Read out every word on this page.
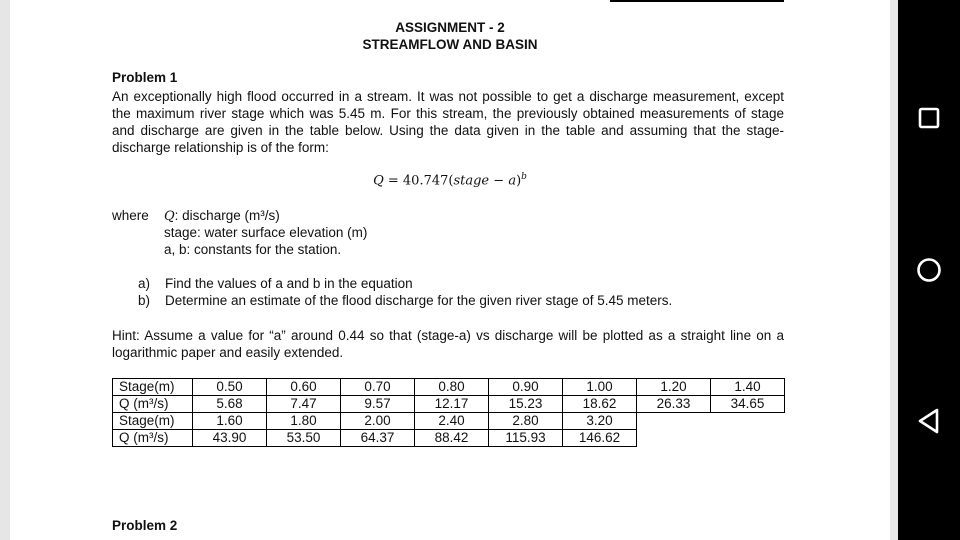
ASSIGNMENT - 2
STREAMFLOW AND BASIN
Problem 1
An exceptionally high flood occurred in a stream. It was not possible to get a discharge measurement, except the maximum river stage which was 5.45 m. For this stream, the previously obtained measurements of stage and discharge are given in the table below. Using the data given in the table and assuming that the stage-discharge relationship is of the form:
Q = 40.747(stage − a)$^b$
where Q: discharge (m³/s)
stage: water surface elevation (m)
a, b: constants for the station.
a) Find the values of a and b in the equation
b) Determine an estimate of the flood discharge for the given river stage of 5.45 meters.
Hint: Assume a value for “a” around 0.44 so that (stage-a) vs discharge will be plotted as a straight line on a logarithmic paper and easily extended.
Stage(m)	0.50	0.60	0.70	0.80	0.90	1.00	1.20	1.40
Q (m³/s)	5.68	7.47	9.57	12.17	15.23	18.62	26.33	34.65
Stage(m)	1.60	1.80	2.00	2.40	2.80	3.20		
Q (m³/s)	43.90	53.50	64.37	88.42	115.93	146.62		
Problem 2
